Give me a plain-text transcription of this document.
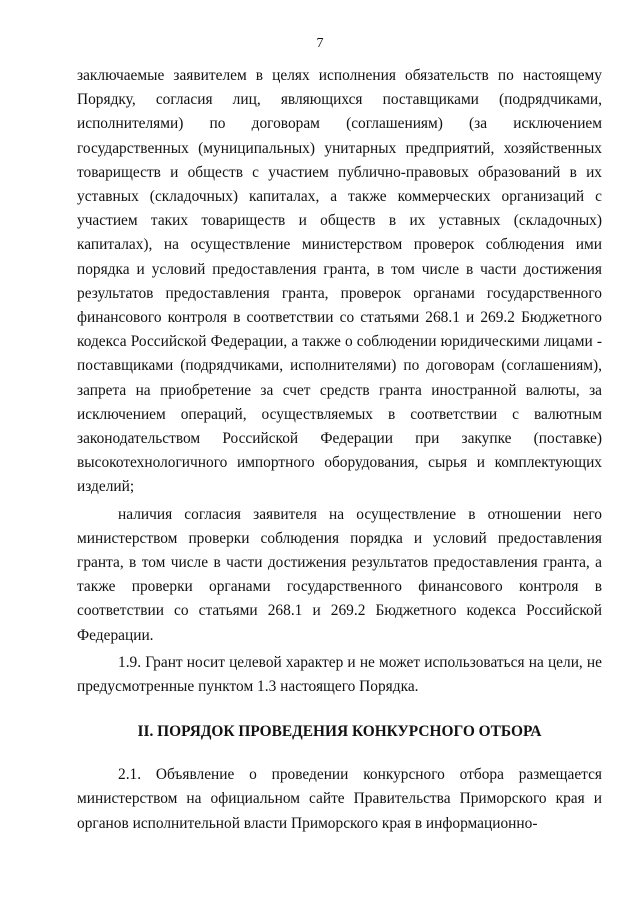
7

заключаемые заявителем в целях исполнения обязательств по настоящему Порядку, согласия лиц, являющихся поставщиками (подрядчиками, исполнителями) по договорам (соглашениям) (за исключением государственных (муниципальных) унитарных предприятий, хозяйственных товариществ и обществ с участием публично-правовых образований в их уставных (складочных) капиталах, а также коммерческих организаций с участием таких товариществ и обществ в их уставных (складочных) капиталах), на осуществление министерством проверок соблюдения ими порядка и условий предоставления гранта, в том числе в части достижения результатов предоставления гранта, проверок органами государственного финансового контроля в соответствии со статьями 268.1 и 269.2 Бюджетного кодекса Российской Федерации, а также о соблюдении юридическими лицами - поставщиками (подрядчиками, исполнителями) по договорам (соглашениям), запрета на приобретение за счет средств гранта иностранной валюты, за исключением операций, осуществляемых в соответствии с валютным законодательством Российской Федерации при закупке (поставке) высокотехнологичного импортного оборудования, сырья и комплектующих изделий;

наличия согласия заявителя на осуществление в отношении него министерством проверки соблюдения порядка и условий предоставления гранта, в том числе в части достижения результатов предоставления гранта, а также проверки органами государственного финансового контроля в соответствии со статьями 268.1 и 269.2 Бюджетного кодекса Российской Федерации.

1.9. Грант носит целевой характер и не может использоваться на цели, не предусмотренные пунктом 1.3 настоящего Порядка.

II. ПОРЯДОК ПРОВЕДЕНИЯ КОНКУРСНОГО ОТБОРА

2.1. Объявление о проведении конкурсного отбора размещается министерством на официальном сайте Правительства Приморского края и органов исполнительной власти Приморского края в информационно-
